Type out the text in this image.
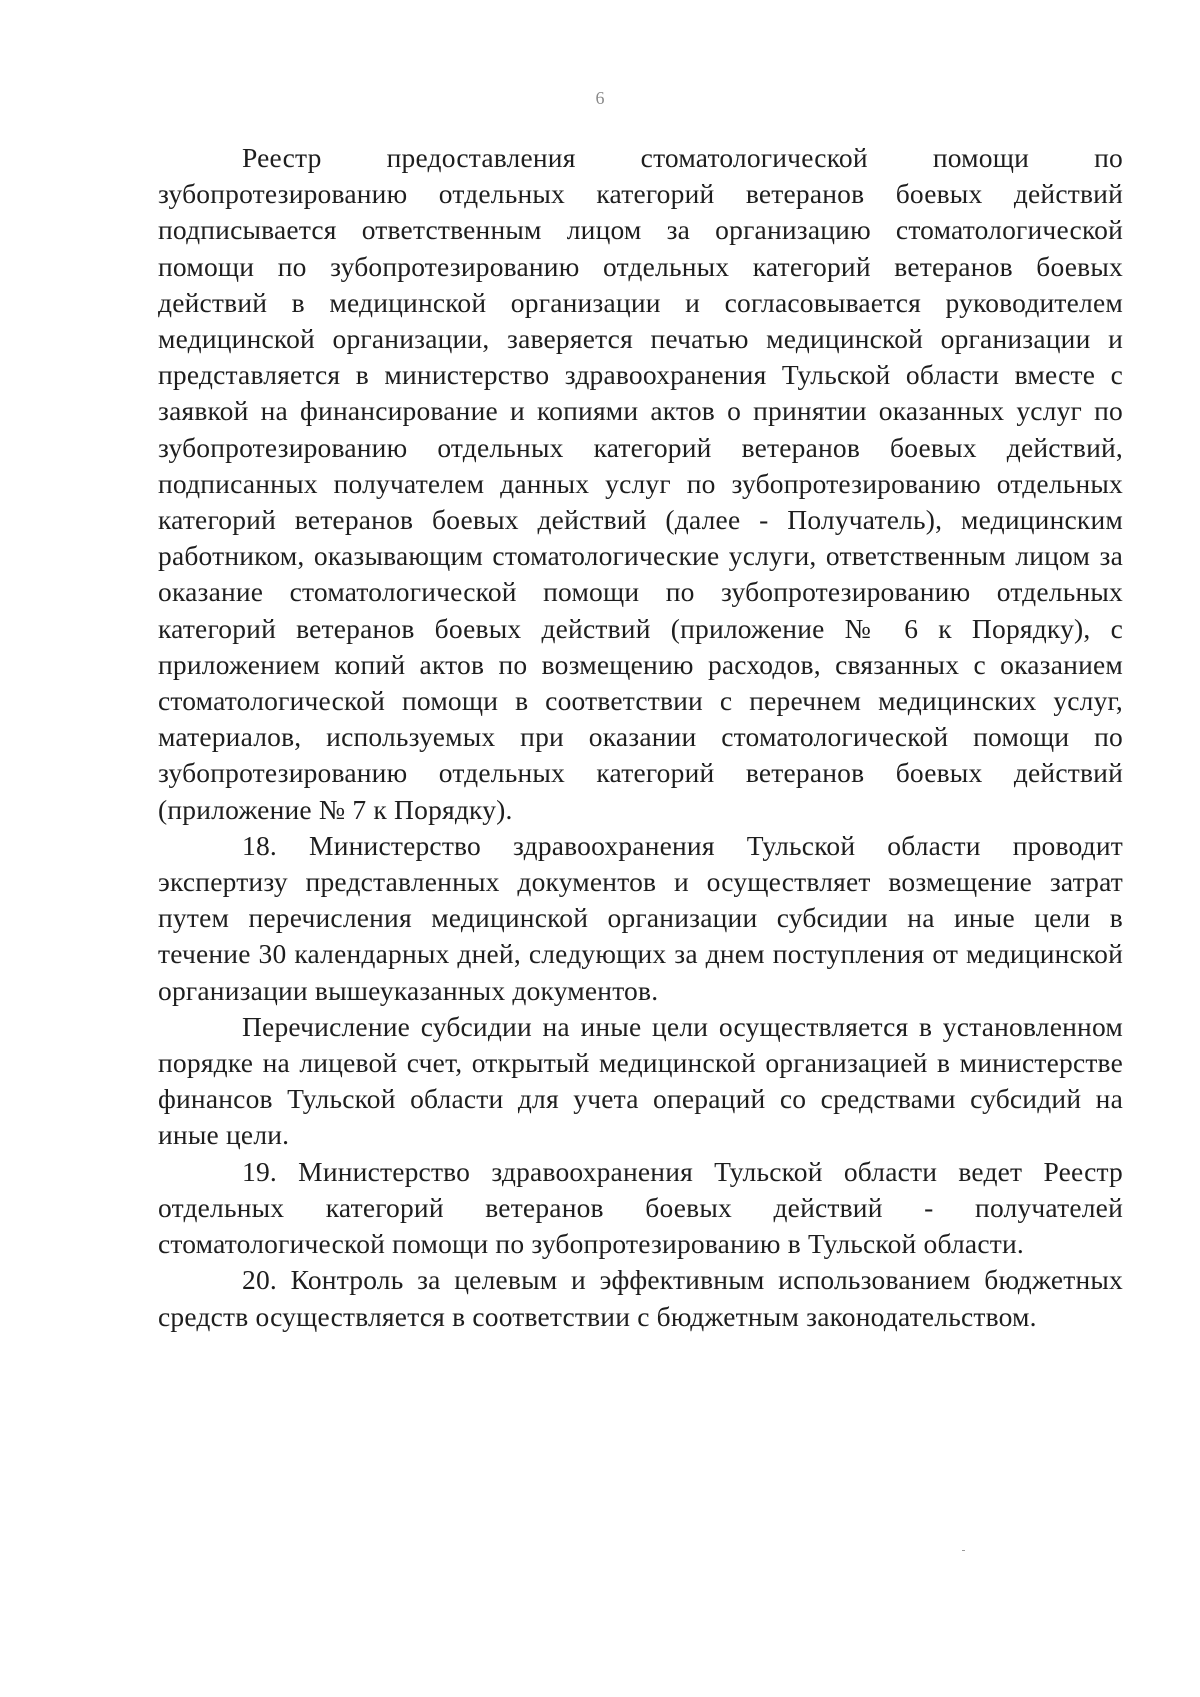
6

Реестр предоставления стоматологической помощи по зубопротезированию отдельных категорий ветеранов боевых действий подписывается ответственным лицом за организацию стоматологической помощи по зубопротезированию отдельных категорий ветеранов боевых действий в медицинской организации и согласовывается руководителем медицинской организации, заверяется печатью медицинской организации и представляется в министерство здравоохранения Тульской области вместе с заявкой на финансирование и копиями актов о принятии оказанных услуг по зубопротезированию отдельных категорий ветеранов боевых действий, подписанных получателем данных услуг по зубопротезированию отдельных категорий ветеранов боевых действий (далее - Получатель), медицинским работником, оказывающим стоматологические услуги, ответственным лицом за оказание стоматологической помощи по зубопротезированию отдельных категорий ветеранов боевых действий (приложение № 6 к Порядку), с приложением копий актов по возмещению расходов, связанных с оказанием стоматологической помощи в соответствии с перечнем медицинских услуг, материалов, используемых при оказании стоматологической помощи по зубопротезированию отдельных категорий ветеранов боевых действий (приложение № 7 к Порядку).

18. Министерство здравоохранения Тульской области проводит экспертизу представленных документов и осуществляет возмещение затрат путем перечисления медицинской организации субсидии на иные цели в течение 30 календарных дней, следующих за днем поступления от медицинской организации вышеуказанных документов.

Перечисление субсидии на иные цели осуществляется в установленном порядке на лицевой счет, открытый медицинской организацией в министерстве финансов Тульской области для учета операций со средствами субсидий на иные цели.

19. Министерство здравоохранения Тульской области ведет Реестр отдельных категорий ветеранов боевых действий - получателей стоматологической помощи по зубопротезированию в Тульской области.

20. Контроль за целевым и эффективным использованием бюджетных средств осуществляется в соответствии с бюджетным законодательством.
